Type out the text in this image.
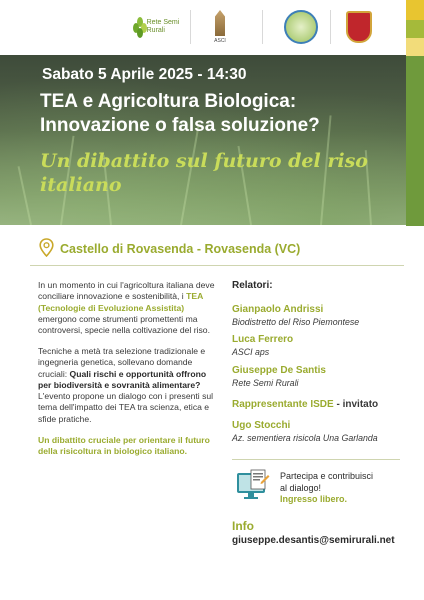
Rete Semi Rurali
ASCI
Sabato 5 Aprile 2025 - 14:30
TEA e Agricoltura Biologica:
Innovazione o falsa soluzione?
Un dibattito sul futuro del riso
italiano
Castello di Rovasenda - Rovasenda (VC)

In un momento in cui l'agricoltura italiana deve conciliare innovazione e sostenibilità, i TEA (Tecnologie di Evoluzione Assistita) emergono come strumenti promettenti ma controversi, specie nella coltivazione del riso.

Tecniche a metà tra selezione tradizionale e ingegneria genetica, sollevano domande cruciali: Quali rischi e opportunità offrono per biodiversità e sovranità alimentare?
L'evento propone un dialogo con i presenti sul tema dell'impatto dei TEA tra scienza, etica e sfide pratiche.

Un dibattito cruciale per orientare il futuro della risicoltura in biologico italiano.

Relatori:
Gianpaolo Andrissi
Biodistretto del Riso Piemontese
Luca Ferrero
ASCI aps
Giuseppe De Santis
Rete Semi Rurali
Rappresentante ISDE - invitato
Ugo Stocchi
Az. sementiera risicola Una Garlanda
Partecipa e contribuisci
al dialogo!
Ingresso libero.
Info
giuseppe.desantis@semirurali.net
